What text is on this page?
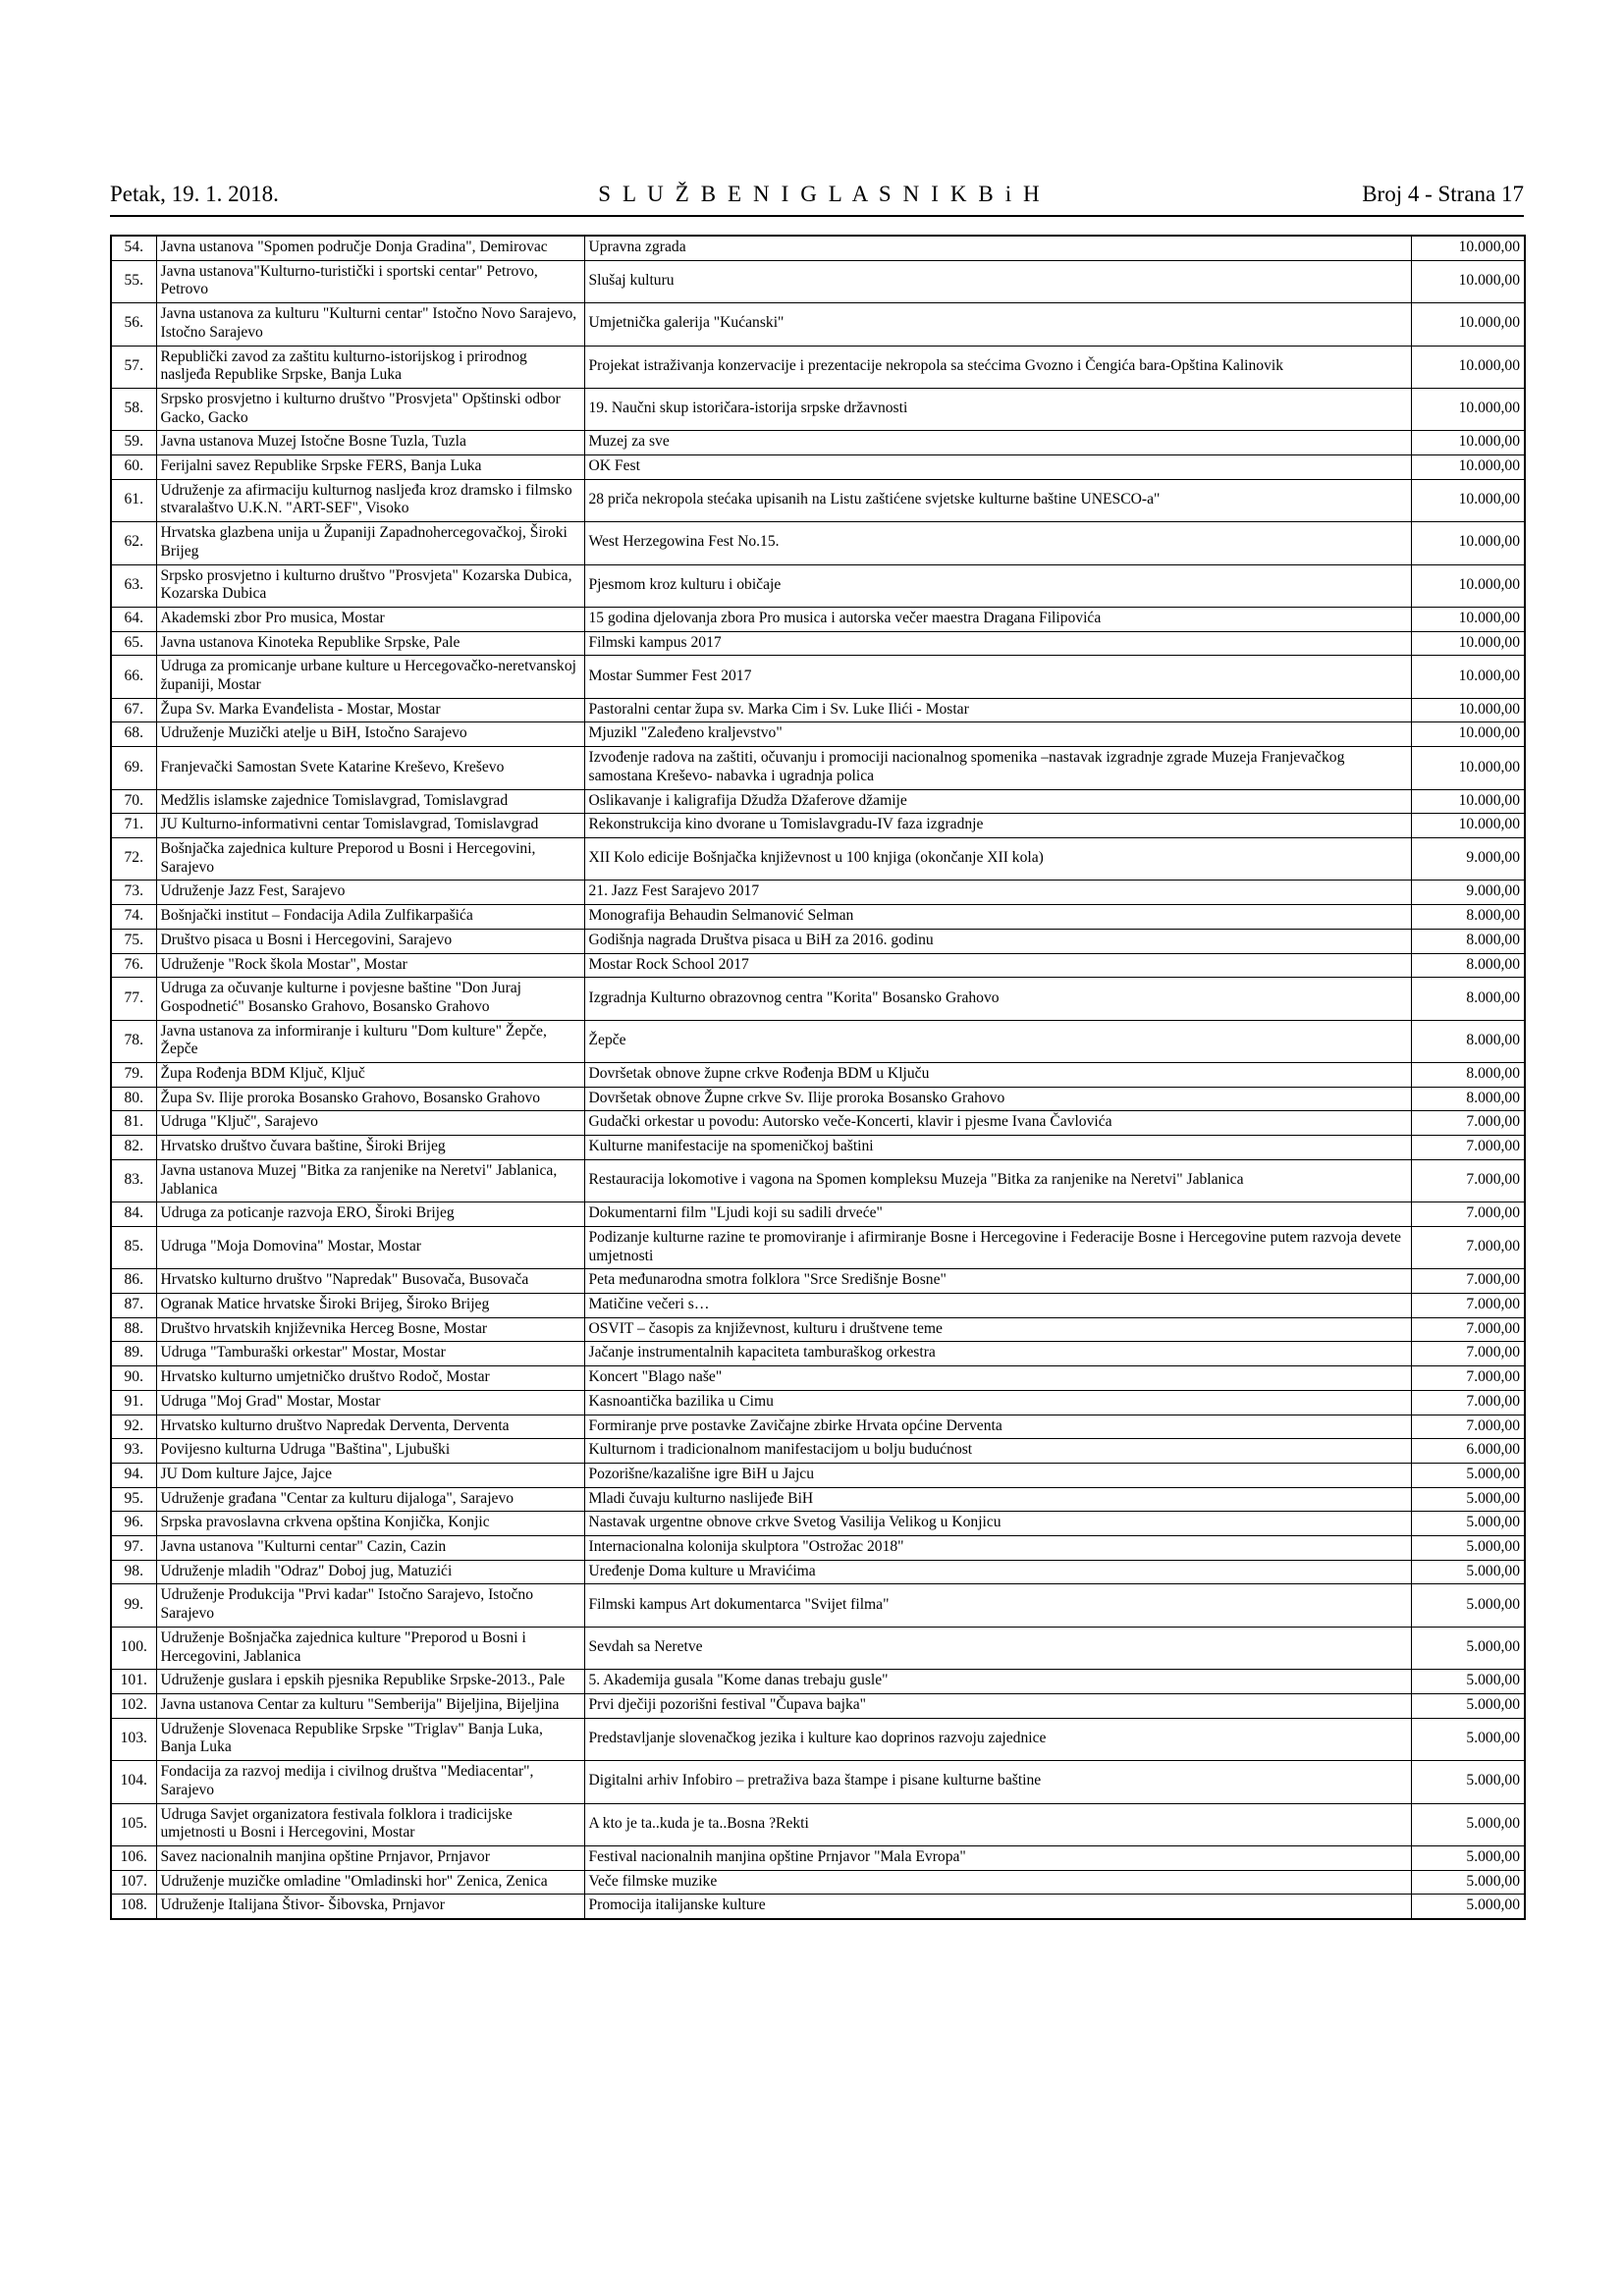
Petak, 19. 1. 2018.	S L U Ž B E N I G L A S N I K B i H	Broj 4 - Strana 17
54.	Javna ustanova "Spomen područje Donja Gradina", Demirovac	Upravna zgrada	10.000,00
55.	Javna ustanova"Kulturno-turistički i sportski centar" Petrovo, Petrovo	Slušaj kulturu	10.000,00
56.	Javna ustanova za kulturu "Kulturni centar" Istočno Novo Sarajevo, Istočno Sarajevo	Umjetnička galerija "Kućanski"	10.000,00
57.	Republički zavod za zaštitu kulturno-istorijskog i prirodnog nasljeđa Republike Srpske, Banja Luka	Projekat istraživanja konzervacije i prezentacije nekropola sa stećcima Gvozno i Čengića bara-Opština Kalinovik	10.000,00
58.	Srpsko prosvjetno i kulturno društvo "Prosvjeta" Opštinski odbor Gacko, Gacko	19. Naučni skup istoričara-istorija srpske državnosti	10.000,00
59.	Javna ustanova Muzej Istočne Bosne Tuzla, Tuzla	Muzej za sve	10.000,00
60.	Ferijalni savez Republike Srpske FERS, Banja Luka	OK Fest	10.000,00
61.	Udruženje za afirmaciju kulturnog nasljeđa kroz dramsko i filmsko stvaralaštvo U.K.N. "ART-SEF", Visoko	28 priča nekropola stećaka upisanih na Listu zaštićene svjetske kulturne baštine UNESCO-a"	10.000,00
62.	Hrvatska glazbena unija u Županiji Zapadnohercegovačkoj, Široki Brijeg	West Herzegowina Fest No.15.	10.000,00
63.	Srpsko prosvjetno i kulturno društvo "Prosvjeta" Kozarska Dubica, Kozarska Dubica	Pjesmom kroz kulturu i običaje	10.000,00
64.	Akademski zbor Pro musica, Mostar	15 godina djelovanja zbora Pro musica i autorska večer maestra Dragana Filipovića	10.000,00
65.	Javna ustanova Kinoteka Republike Srpske, Pale	Filmski kampus 2017	10.000,00
66.	Udruga za promicanje urbane kulture u Hercegovačko-neretvanskoj županiji, Mostar	Mostar Summer Fest 2017	10.000,00
67.	Župa Sv. Marka Evanđelista - Mostar, Mostar	Pastoralni centar župa sv. Marka Cim i Sv. Luke Ilići - Mostar	10.000,00
68.	Udruženje Muzički atelje u BiH, Istočno Sarajevo	Mjuzikl "Zaleđeno kraljevstvo"	10.000,00
69.	Franjevački Samostan Svete Katarine Kreševo, Kreševo	Izvođenje radova na zaštiti, očuvanju i promociji nacionalnog spomenika –nastavak izgradnje zgrade Muzeja Franjevačkog samostana Kreševo- nabavka i ugradnja polica	10.000,00
70.	Medžlis islamske zajednice Tomislavgrad, Tomislavgrad	Oslikavanje i kaligrafija Džudža Džaferove džamije	10.000,00
71.	JU Kulturno-informativni centar Tomislavgrad, Tomislavgrad	Rekonstrukcija kino dvorane u Tomislavgradu-IV faza izgradnje	10.000,00
72.	Bošnjačka zajednica kulture Preporod u Bosni i Hercegovini, Sarajevo	XII Kolo edicije Bošnjačka književnost u 100 knjiga (okončanje XII kola)	9.000,00
73.	Udruženje Jazz Fest, Sarajevo	21. Jazz Fest Sarajevo 2017	9.000,00
74.	Bošnjački institut – Fondacija Adila Zulfikarpašića	Monografija Behaudin Selmanović Selman	8.000,00
75.	Društvo pisaca u Bosni i Hercegovini, Sarajevo	Godišnja nagrada Društva pisaca u BiH za 2016. godinu	8.000,00
76.	Udruženje "Rock škola Mostar", Mostar	Mostar Rock School 2017	8.000,00
77.	Udruga za očuvanje kulturne i povjesne baštine "Don Juraj Gospodnetić" Bosansko Grahovo, Bosansko Grahovo	Izgradnja Kulturno obrazovnog centra "Korita" Bosansko Grahovo	8.000,00
78.	Javna ustanova za informiranje i kulturu "Dom kulture" Žepče, Žepče	Žepče	8.000,00
79.	Župa Rođenja BDM Ključ, Ključ	Dovršetak obnove župne crkve Rođenja BDM u Ključu	8.000,00
80.	Župa Sv. Ilije proroka Bosansko Grahovo, Bosansko Grahovo	Dovršetak obnove Župne crkve Sv. Ilije proroka Bosansko Grahovo	8.000,00
81.	Udruga "Ključ", Sarajevo	Gudački orkestar u povodu: Autorsko veče-Koncerti, klavir i pjesme Ivana Čavlovića	7.000,00
82.	Hrvatsko društvo čuvara baštine, Široki Brijeg	Kulturne manifestacije na spomeničkoj baštini	7.000,00
83.	Javna ustanova Muzej "Bitka za ranjenike na Neretvi" Jablanica, Jablanica	Restauracija lokomotive i vagona na Spomen kompleksu Muzeja "Bitka za ranjenike na Neretvi" Jablanica	7.000,00
84.	Udruga za poticanje razvoja ERO, Široki Brijeg	Dokumentarni film "Ljudi koji su sadili drveće"	7.000,00
85.	Udruga "Moja Domovina" Mostar, Mostar	Podizanje kulturne razine te promoviranje i afirmiranje Bosne i Hercegovine i Federacije Bosne i Hercegovine putem razvoja devete umjetnosti	7.000,00
86.	Hrvatsko kulturno društvo "Napredak" Busovača, Busovača	Peta međunarodna smotra folklora "Srce Središnje Bosne"	7.000,00
87.	Ogranak Matice hrvatske Široki Brijeg, Široko Brijeg	Matičine večeri s…	7.000,00
88.	Društvo hrvatskih književnika Herceg Bosne, Mostar	OSVIT – časopis za književnost, kulturu i društvene teme	7.000,00
89.	Udruga "Tamburaški orkestar" Mostar, Mostar	Jačanje instrumentalnih kapaciteta tamburaškog orkestra	7.000,00
90.	Hrvatsko kulturno umjetničko društvo Rodoč, Mostar	Koncert "Blago naše"	7.000,00
91.	Udruga "Moj Grad" Mostar, Mostar	Kasnoantička bazilika u Cimu	7.000,00
92.	Hrvatsko kulturno društvo Napredak Derventa, Derventa	Formiranje prve postavke Zavičajne zbirke Hrvata općine Derventa	7.000,00
93.	Povijesno kulturna Udruga "Baština", Ljubuški	Kulturnom i tradicionalnom manifestacijom u bolju budućnost	6.000,00
94.	JU Dom kulture Jajce, Jajce	Pozorišne/kazališne igre BiH u Jajcu	5.000,00
95.	Udruženje građana "Centar za kulturu dijaloga", Sarajevo	Mladi čuvaju kulturno naslijeđe BiH	5.000,00
96.	Srpska pravoslavna crkvena opština Konjička, Konjic	Nastavak urgentne obnove crkve Svetog Vasilija Velikog u Konjicu	5.000,00
97.	Javna ustanova "Kulturni centar" Cazin, Cazin	Internacionalna kolonija skulptora "Ostrožac 2018"	5.000,00
98.	Udruženje mladih "Odraz" Doboj jug, Matuzići	Uređenje Doma kulture u Mravićima	5.000,00
99.	Udruženje Produkcija "Prvi kadar" Istočno Sarajevo, Istočno Sarajevo	Filmski kampus Art dokumentarca "Svijet filma"	5.000,00
100.	Udruženje Bošnjačka zajednica kulture "Preporod u Bosni i Hercegovini, Jablanica	Sevdah sa Neretve	5.000,00
101.	Udruženje guslara i epskih pjesnika Republike Srpske-2013., Pale	5. Akademija gusala "Kome danas trebaju gusle"	5.000,00
102.	Javna ustanova Centar za kulturu "Semberija" Bijeljina, Bijeljina	Prvi dječiji pozorišni festival "Čupava bajka"	5.000,00
103.	Udruženje Slovenaca Republike Srpske "Triglav" Banja Luka, Banja Luka	Predstavljanje slovenačkog jezika i kulture kao doprinos razvoju zajednice	5.000,00
104.	Fondacija za razvoj medija i civilnog društva "Mediacentar", Sarajevo	Digitalni arhiv Infobiro – pretraživa baza štampe i pisane kulturne baštine	5.000,00
105.	Udruga Savjet organizatora festivala folklora i tradicijske umjetnosti u Bosni i Hercegovini, Mostar	A kto je ta..kuda je ta..Bosna ?Rekti	5.000,00
106.	Savez nacionalnih manjina opštine Prnjavor, Prnjavor	Festival nacionalnih manjina opštine Prnjavor "Mala Evropa"	5.000,00
107.	Udruženje muzičke omladine "Omladinski hor" Zenica, Zenica	Veče filmske muzike	5.000,00
108.	Udruženje Italijana Štivor- Šibovska, Prnjavor	Promocija italijanske kulture	5.000,00
